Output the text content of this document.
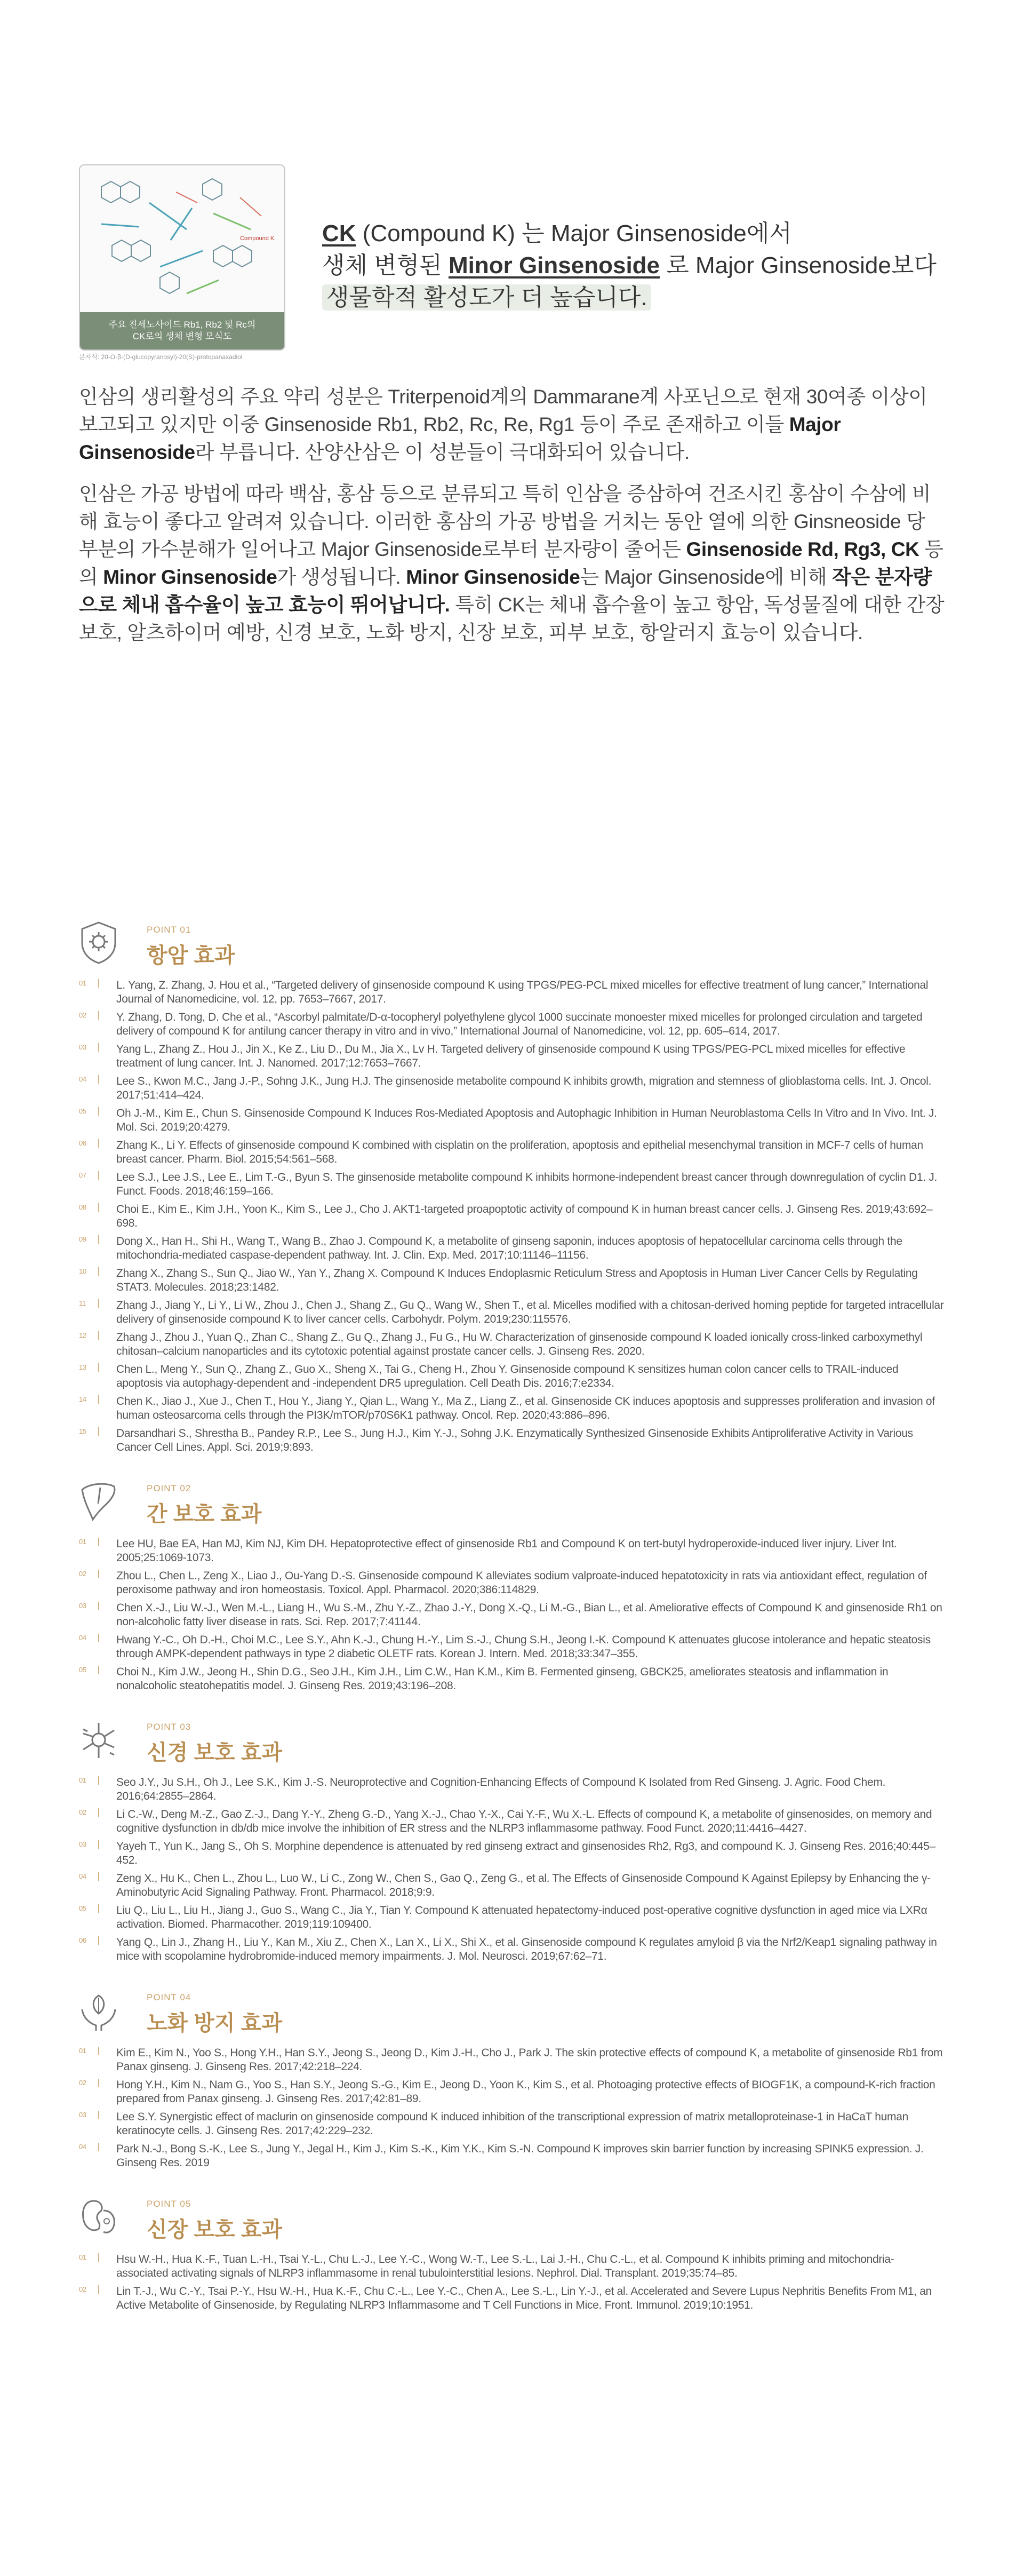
Compound K
주요 진세노사이드 Rb1, Rb2 및 Rc의
CK로의 생체 변형 모식도
분자식: 20-O-β-(D-glucopyranosyl)-20(S)-protopanaxadiol
CK (Compound K) 는 Major Ginsenoside에서
생체 변형된 Minor Ginsenoside 로 Major Ginsenoside보다
생물학적 활성도가 더 높습니다.

인삼의 생리활성의 주요 약리 성분은 Triterpenoid계의 Dammarane계 사포닌으로 현재 30여종 이상이 보고되고 있지만 이중 Ginsenoside Rb1, Rb2, Rc, Re, Rg1 등이 주로 존재하고 이들 Major Ginsenoside라 부릅니다. 산양산삼은 이 성분들이 극대화되어 있습니다.

인삼은 가공 방법에 따라 백삼, 홍삼 등으로 분류되고 특히 인삼을 증삼하여 건조시킨 홍삼이 수삼에 비해 효능이 좋다고 알려져 있습니다. 이러한 홍삼의 가공 방법을 거치는 동안 열에 의한 Ginsneoside 당 부분의 가수분해가 일어나고 Major Ginsenoside로부터 분자량이 줄어든 Ginsenoside Rd, Rg3, CK 등의 Minor Ginsenoside가 생성됩니다. Minor Ginsenoside는 Major Ginsenoside에 비해 작은 분자량으로 체내 흡수율이 높고 효능이 뛰어납니다. 특히 CK는 체내 흡수율이 높고 항암, 독성물질에 대한 간장 보호, 알츠하이머 예방, 신경 보호, 노화 방지, 신장 보호, 피부 보호, 항알러지 효능이 있습니다.

POINT 01
항암 효과
01	L. Yang, Z. Zhang, J. Hou et al., “Targeted delivery of ginsenoside compound K using TPGS/PEG-PCL mixed micelles for effective treatment of lung cancer,” International Journal of Nanomedicine, vol. 12, pp. 7653–7667, 2017.
02	Y. Zhang, D. Tong, D. Che et al., “Ascorbyl palmitate/D-α-tocopheryl polyethylene glycol 1000 succinate monoester mixed micelles for prolonged circulation and targeted delivery of compound K for antilung cancer therapy in vitro and in vivo,” International Journal of Nanomedicine, vol. 12, pp. 605–614, 2017.
03	Yang L., Zhang Z., Hou J., Jin X., Ke Z., Liu D., Du M., Jia X., Lv H. Targeted delivery of ginsenoside compound K using TPGS/PEG-PCL mixed micelles for effective treatment of lung cancer. Int. J. Nanomed. 2017;12:7653–7667.
04	Lee S., Kwon M.C., Jang J.-P., Sohng J.K., Jung H.J. The ginsenoside metabolite compound K inhibits growth, migration and stemness of glioblastoma cells. Int. J. Oncol. 2017;51:414–424.
05	Oh J.-M., Kim E., Chun S. Ginsenoside Compound K Induces Ros-Mediated Apoptosis and Autophagic Inhibition in Human Neuroblastoma Cells In Vitro and In Vivo. Int. J. Mol. Sci. 2019;20:4279.
06	Zhang K., Li Y. Effects of ginsenoside compound K combined with cisplatin on the proliferation, apoptosis and epithelial mesenchymal transition in MCF-7 cells of human breast cancer. Pharm. Biol. 2015;54:561–568.
07	Lee S.J., Lee J.S., Lee E., Lim T.-G., Byun S. The ginsenoside metabolite compound K inhibits hormone-independent breast cancer through downregulation of cyclin D1. J. Funct. Foods. 2018;46:159–166.
08	Choi E., Kim E., Kim J.H., Yoon K., Kim S., Lee J., Cho J. AKT1-targeted proapoptotic activity of compound K in human breast cancer cells. J. Ginseng Res. 2019;43:692–698.
09	Dong X., Han H., Shi H., Wang T., Wang B., Zhao J. Compound K, a metabolite of ginseng saponin, induces apoptosis of hepatocellular carcinoma cells through the mitochondria-mediated caspase-dependent pathway. Int. J. Clin. Exp. Med. 2017;10:11146–11156.
10	Zhang X., Zhang S., Sun Q., Jiao W., Yan Y., Zhang X. Compound K Induces Endoplasmic Reticulum Stress and Apoptosis in Human Liver Cancer Cells by Regulating STAT3. Molecules. 2018;23:1482.
11	Zhang J., Jiang Y., Li Y., Li W., Zhou J., Chen J., Shang Z., Gu Q., Wang W., Shen T., et al. Micelles modified with a chitosan-derived homing peptide for targeted intracellular delivery of ginsenoside compound K to liver cancer cells. Carbohydr. Polym. 2019;230:115576.
12	Zhang J., Zhou J., Yuan Q., Zhan C., Shang Z., Gu Q., Zhang J., Fu G., Hu W. Characterization of ginsenoside compound K loaded ionically cross-linked carboxymethyl chitosan–calcium nanoparticles and its cytotoxic potential against prostate cancer cells. J. Ginseng Res. 2020.
13	Chen L., Meng Y., Sun Q., Zhang Z., Guo X., Sheng X., Tai G., Cheng H., Zhou Y. Ginsenoside compound K sensitizes human colon cancer cells to TRAIL-induced apoptosis via autophagy-dependent and -independent DR5 upregulation. Cell Death Dis. 2016;7:e2334.
14	Chen K., Jiao J., Xue J., Chen T., Hou Y., Jiang Y., Qian L., Wang Y., Ma Z., Liang Z., et al. Ginsenoside CK induces apoptosis and suppresses proliferation and invasion of human osteosarcoma cells through the PI3K/mTOR/p70S6K1 pathway. Oncol. Rep. 2020;43:886–896.
15	Darsandhari S., Shrestha B., Pandey R.P., Lee S., Jung H.J., Kim Y.-J., Sohng J.K. Enzymatically Synthesized Ginsenoside Exhibits Antiproliferative Activity in Various Cancer Cell Lines. Appl. Sci. 2019;9:893.
POINT 02
간 보호 효과
01	Lee HU, Bae EA, Han MJ, Kim NJ, Kim DH. Hepatoprotective effect of ginsenoside Rb1 and Compound K on tert-butyl hydroperoxide-induced liver injury. Liver Int. 2005;25:1069-1073.
02	Zhou L., Chen L., Zeng X., Liao J., Ou-Yang D.-S. Ginsenoside compound K alleviates sodium valproate-induced hepatotoxicity in rats via antioxidant effect, regulation of peroxisome pathway and iron homeostasis. Toxicol. Appl. Pharmacol. 2020;386:114829.
03	Chen X.-J., Liu W.-J., Wen M.-L., Liang H., Wu S.-M., Zhu Y.-Z., Zhao J.-Y., Dong X.-Q., Li M.-G., Bian L., et al. Ameliorative effects of Compound K and ginsenoside Rh1 on non-alcoholic fatty liver disease in rats. Sci. Rep. 2017;7:41144.
04	Hwang Y.-C., Oh D.-H., Choi M.C., Lee S.Y., Ahn K.-J., Chung H.-Y., Lim S.-J., Chung S.H., Jeong I.-K. Compound K attenuates glucose intolerance and hepatic steatosis through AMPK-dependent pathways in type 2 diabetic OLETF rats. Korean J. Intern. Med. 2018;33:347–355.
05	Choi N., Kim J.W., Jeong H., Shin D.G., Seo J.H., Kim J.H., Lim C.W., Han K.M., Kim B. Fermented ginseng, GBCK25, ameliorates steatosis and inflammation in nonalcoholic steatohepatitis model. J. Ginseng Res. 2019;43:196–208.
POINT 03
신경 보호 효과
01	Seo J.Y., Ju S.H., Oh J., Lee S.K., Kim J.-S. Neuroprotective and Cognition-Enhancing Effects of Compound K Isolated from Red Ginseng. J. Agric. Food Chem. 2016;64:2855–2864.
02	Li C.-W., Deng M.-Z., Gao Z.-J., Dang Y.-Y., Zheng G.-D., Yang X.-J., Chao Y.-X., Cai Y.-F., Wu X.-L. Effects of compound K, a metabolite of ginsenosides, on memory and cognitive dysfunction in db/db mice involve the inhibition of ER stress and the NLRP3 inflammasome pathway. Food Funct. 2020;11:4416–4427.
03	Yayeh T., Yun K., Jang S., Oh S. Morphine dependence is attenuated by red ginseng extract and ginsenosides Rh2, Rg3, and compound K. J. Ginseng Res. 2016;40:445–452.
04	Zeng X., Hu K., Chen L., Zhou L., Luo W., Li C., Zong W., Chen S., Gao Q., Zeng G., et al. The Effects of Ginsenoside Compound K Against Epilepsy by Enhancing the γ-Aminobutyric Acid Signaling Pathway. Front. Pharmacol. 2018;9:9.
05	Liu Q., Liu L., Liu H., Jiang J., Guo S., Wang C., Jia Y., Tian Y. Compound K attenuated hepatectomy-induced post-operative cognitive dysfunction in aged mice via LXRα activation. Biomed. Pharmacother. 2019;119:109400.
06	Yang Q., Lin J., Zhang H., Liu Y., Kan M., Xiu Z., Chen X., Lan X., Li X., Shi X., et al. Ginsenoside compound K regulates amyloid β via the Nrf2/Keap1 signaling pathway in mice with scopolamine hydrobromide-induced memory impairments. J. Mol. Neurosci. 2019;67:62–71.
POINT 04
노화 방지 효과
01	Kim E., Kim N., Yoo S., Hong Y.H., Han S.Y., Jeong S., Jeong D., Kim J.-H., Cho J., Park J. The skin protective effects of compound K, a metabolite of ginsenoside Rb1 from Panax ginseng. J. Ginseng Res. 2017;42:218–224.
02	Hong Y.H., Kim N., Nam G., Yoo S., Han S.Y., Jeong S.-G., Kim E., Jeong D., Yoon K., Kim S., et al. Photoaging protective effects of BIOGF1K, a compound-K-rich fraction prepared from Panax ginseng. J. Ginseng Res. 2017;42:81–89.
03	Lee S.Y. Synergistic effect of maclurin on ginsenoside compound K induced inhibition of the transcriptional expression of matrix metalloproteinase-1 in HaCaT human keratinocyte cells. J. Ginseng Res. 2017;42:229–232.
04	Park N.-J., Bong S.-K., Lee S., Jung Y., Jegal H., Kim J., Kim S.-K., Kim Y.K., Kim S.-N. Compound K improves skin barrier function by increasing SPINK5 expression. J. Ginseng Res. 2019
POINT 05
신장 보호 효과
01	Hsu W.-H., Hua K.-F., Tuan L.-H., Tsai Y.-L., Chu L.-J., Lee Y.-C., Wong W.-T., Lee S.-L., Lai J.-H., Chu C.-L., et al. Compound K inhibits priming and mitochondria-associated activating signals of NLRP3 inflammasome in renal tubulointerstitial lesions. Nephrol. Dial. Transplant. 2019;35:74–85.
02	Lin T.-J., Wu C.-Y., Tsai P.-Y., Hsu W.-H., Hua K.-F., Chu C.-L., Lee Y.-C., Chen A., Lee S.-L., Lin Y.-J., et al. Accelerated and Severe Lupus Nephritis Benefits From M1, an Active Metabolite of Ginsenoside, by Regulating NLRP3 Inflammasome and T Cell Functions in Mice. Front. Immunol. 2019;10:1951.
